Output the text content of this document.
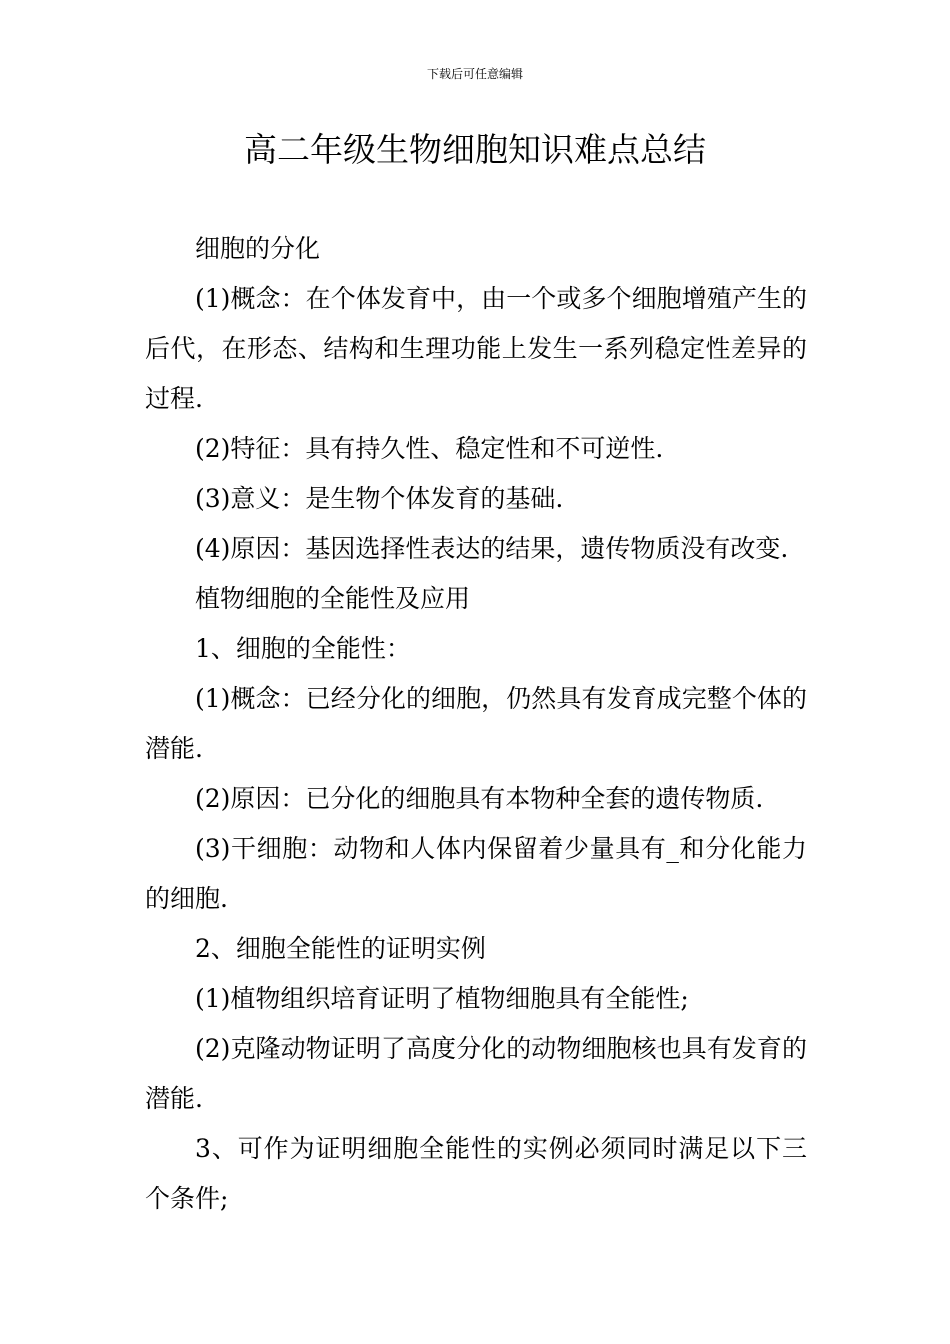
下载后可任意编辑
高二年级生物细胞知识难点总结

细胞的分化

(1)概念：在个体发育中，由一个或多个细胞增殖产生的后代，在形态、结构和生理功能上发生一系列稳定性差异的过程.

(2)特征：具有持久性、稳定性和不可逆性.

(3)意义：是生物个体发育的基础.

(4)原因：基因选择性表达的结果，遗传物质没有改变.

植物细胞的全能性及应用

1、细胞的全能性：

(1)概念：已经分化的细胞，仍然具有发育成完整个体的潜能.

(2)原因：已分化的细胞具有本物种全套的遗传物质.

(3)干细胞：动物和人体内保留着少量具有_和分化能力的细胞.

2、细胞全能性的证明实例

(1)植物组织培育证明了植物细胞具有全能性;

(2)克隆动物证明了高度分化的动物细胞核也具有发育的潜能.

3、可作为证明细胞全能性的实例必须同时满足以下三个条件;
